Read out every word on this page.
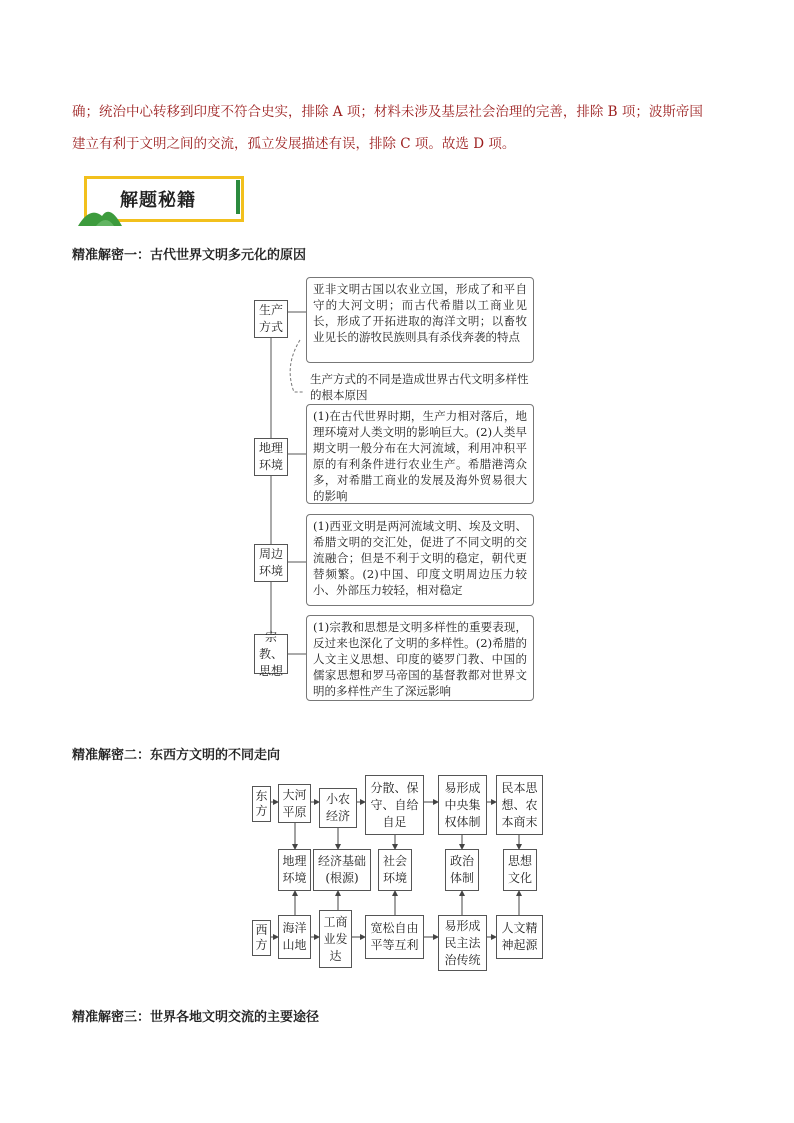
确；统治中心转移到印度不符合史实，排除 A 项；材料未涉及基层社会治理的完善，排除 B 项；波斯帝国
建立有利于文明之间的交流，孤立发展描述有误，排除 C 项。故选 D 项。
解题秘籍
精准解密一：古代世界文明多元化的原因
生产方式
亚非文明古国以农业立国，形成了和平自守的大河文明；而古代希腊以工商业见长，形成了开拓进取的海洋文明；以畜牧业见长的游牧民族则具有杀伐奔袭的特点
生产方式的不同是造成世界古代文明多样性的根本原因
地理环境
(1)在古代世界时期，生产力相对落后，地理环境对人类文明的影响巨大。(2)人类早期文明一般分布在大河流域，利用冲积平原的有利条件进行农业生产。希腊港湾众多，对希腊工商业的发展及海外贸易很大的影响
周边环境
(1)西亚文明是两河流域文明、埃及文明、希腊文明的交汇处，促进了不同文明的交流融合；但是不利于文明的稳定，朝代更替频繁。(2)中国、印度文明周边压力较小、外部压力较轻，相对稳定
宗教、思想
(1)宗教和思想是文明多样性的重要表现，反过来也深化了文明的多样性。(2)希腊的人文主义思想、印度的婆罗门教、中国的儒家思想和罗马帝国的基督教都对世界文明的多样性产生了深远影响
精准解密二：东西方文明的不同走向
东方
大河平原
小农经济
分散、保守、自给自足
易形成中央集权体制
民本思想、农本商末
地理环境
经济基础(根源)
社会环境
政治体制
思想文化
西方
海洋山地
工商业发达
宽松自由平等互利
易形成民主法治传统
人文精神起源
精准解密三：世界各地文明交流的主要途径
